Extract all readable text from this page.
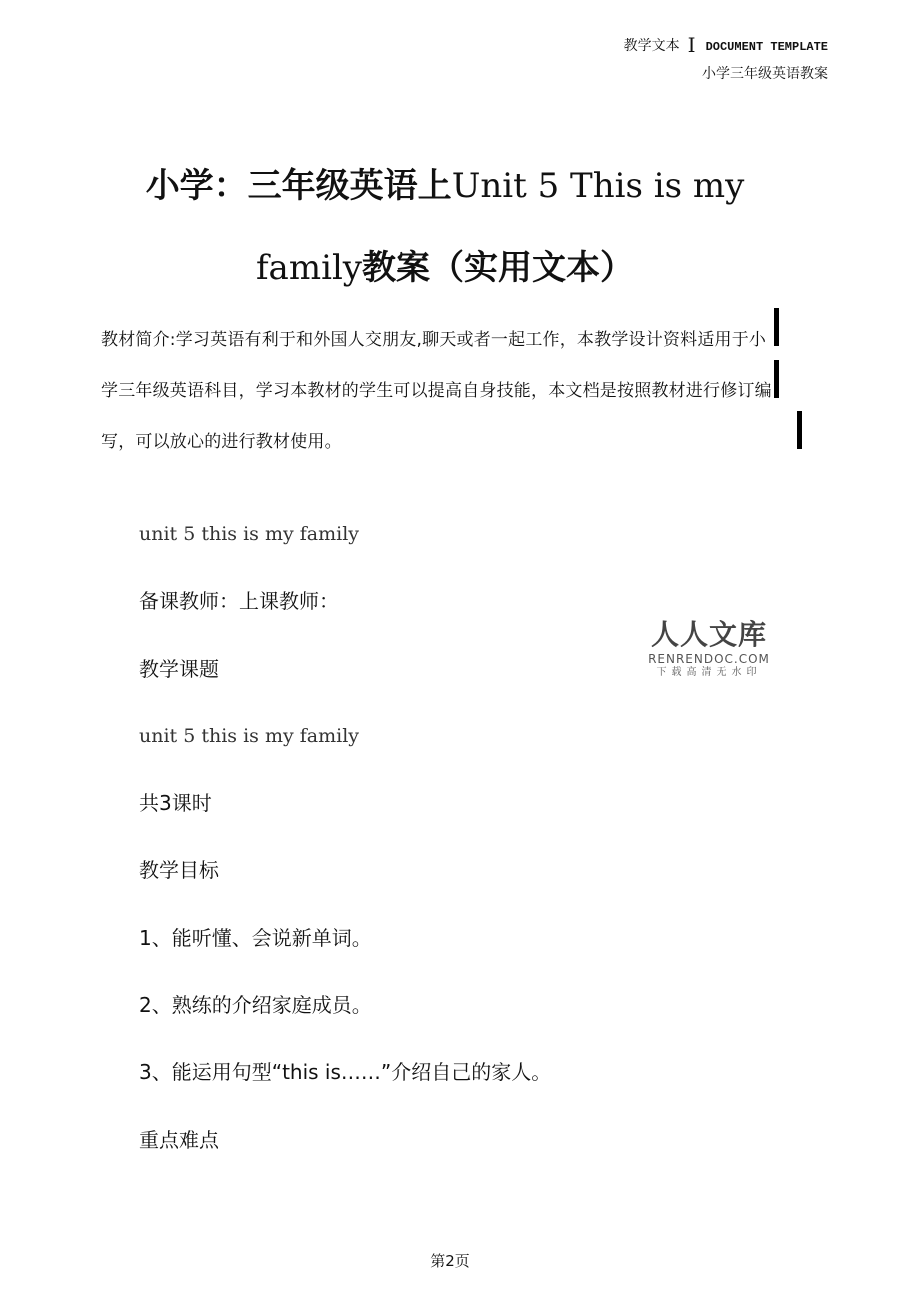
教学文本 I DOCUMENT TEMPLATE
小学三年级英语教案
小学：三年级英语上Unit 5 This is my
family教案（实用文本）

教材简介:学习英语有利于和外国人交朋友,聊天或者一起工作，本教学设计资料适用于小学三年级英语科目，学习本教材的学生可以提高自身技能，本文档是按照教材进行修订编写，可以放心的进行教材使用。

unit 5 this is my family

备课教师：上课教师：

教学课题

unit 5 this is my family

共3课时

教学目标

1、能听懂、会说新单词。

2、熟练的介绍家庭成员。

3、能运用句型“this is……”介绍自己的家人。

重点难点

人人文库
RENRENDOC.COM
下载高清无水印
第2页
